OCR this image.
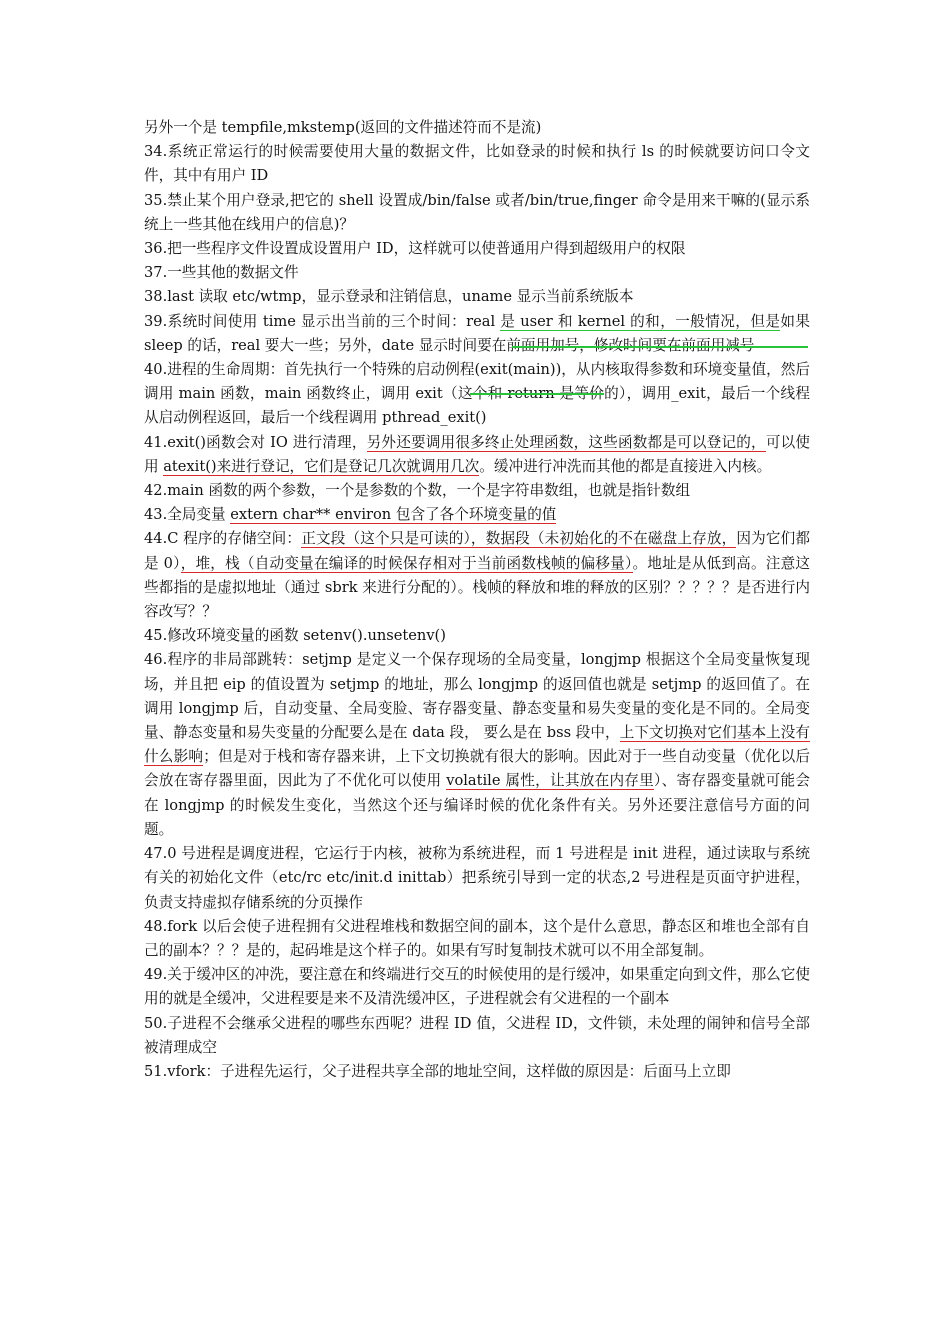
另外一个是 tempfile,mkstemp(返回的文件描述符而不是流)

34.系统正常运行的时候需要使用大量的数据文件，比如登录的时候和执行 ls 的时候就要访问口令文件，其中有用户 ID

35.禁止某个用户登录,把它的 shell 设置成/bin/false 或者/bin/true,finger 命令是用来干嘛的(显示系统上一些其他在线用户的信息)？

36.把一些程序文件设置成设置用户 ID，这样就可以使普通用户得到超级用户的权限

37.一些其他的数据文件

38.last 读取 etc/wtmp，显示登录和注销信息，uname 显示当前系统版本

39.系统时间使用 time 显示出当前的三个时间：real 是 user 和 kernel 的和，一般情况，但是如果 sleep 的话，real 要大一些；另外，date 显示时间要在前面用加号，修改时间要在前面用减号

40.进程的生命周期：首先执行一个特殊的启动例程(exit(main))，从内核取得参数和环境变量值，然后调用 main 函数，main 函数终止，调用 exit（这个和 return 是等价的），调用_exit，最后一个线程从启动例程返回，最后一个线程调用 pthread_exit()

41.exit()函数会对 IO 进行清理，另外还要调用很多终止处理函数，这些函数都是可以登记的，可以使用 atexit()来进行登记，它们是登记几次就调用几次。缓冲进行冲洗而其他的都是直接进入内核。

42.main 函数的两个参数，一个是参数的个数，一个是字符串数组，也就是指针数组

43.全局变量 extern char** environ 包含了各个环境变量的值

44.C 程序的存储空间：正文段（这个只是可读的），数据段（未初始化的不在磁盘上存放，因为它们都是 0），堆，栈（自动变量在编译的时候保存相对于当前函数栈帧的偏移量）。地址是从低到高。注意这些都指的是虚拟地址（通过 sbrk 来进行分配的）。栈帧的释放和堆的释放的区别？？？？？是否进行内容改写？？

45.修改环境变量的函数 setenv().unsetenv()

46.程序的非局部跳转：setjmp 是定义一个保存现场的全局变量，longjmp 根据这个全局变量恢复现场，并且把 eip 的值设置为 setjmp 的地址，那么 longjmp 的返回值也就是 setjmp 的返回值了。在调用 longjmp 后，自动变量、全局变脸、寄存器变量、静态变量和易失变量的变化是不同的。全局变量、静态变量和易失变量的分配要么是在 data 段， 要么是在 bss 段中，上下文切换对它们基本上没有什么影响；但是对于栈和寄存器来讲，上下文切换就有很大的影响。因此对于一些自动变量（优化以后会放在寄存器里面，因此为了不优化可以使用 volatile 属性，让其放在内存里）、寄存器变量就可能会在 longjmp 的时候发生变化，当然这个还与编译时候的优化条件有关。另外还要注意信号方面的问题。

47.0 号进程是调度进程，它运行于内核，被称为系统进程，而 1 号进程是 init 进程，通过读取与系统有关的初始化文件（etc/rc etc/init.d inittab）把系统引导到一定的状态,2 号进程是页面守护进程，负责支持虚拟存储系统的分页操作

48.fork 以后会使子进程拥有父进程堆栈和数据空间的副本，这个是什么意思，静态区和堆也全部有自己的副本？？？是的，起码堆是这个样子的。如果有写时复制技术就可以不用全部复制。

49.关于缓冲区的冲洗，要注意在和终端进行交互的时候使用的是行缓冲，如果重定向到文件，那么它使用的就是全缓冲，父进程要是来不及清洗缓冲区，子进程就会有父进程的一个副本

50.子进程不会继承父进程的哪些东西呢？进程 ID 值，父进程 ID，文件锁，未处理的闹钟和信号全部被清理成空

51.vfork：子进程先运行，父子进程共享全部的地址空间，这样做的原因是：后面马上立即
